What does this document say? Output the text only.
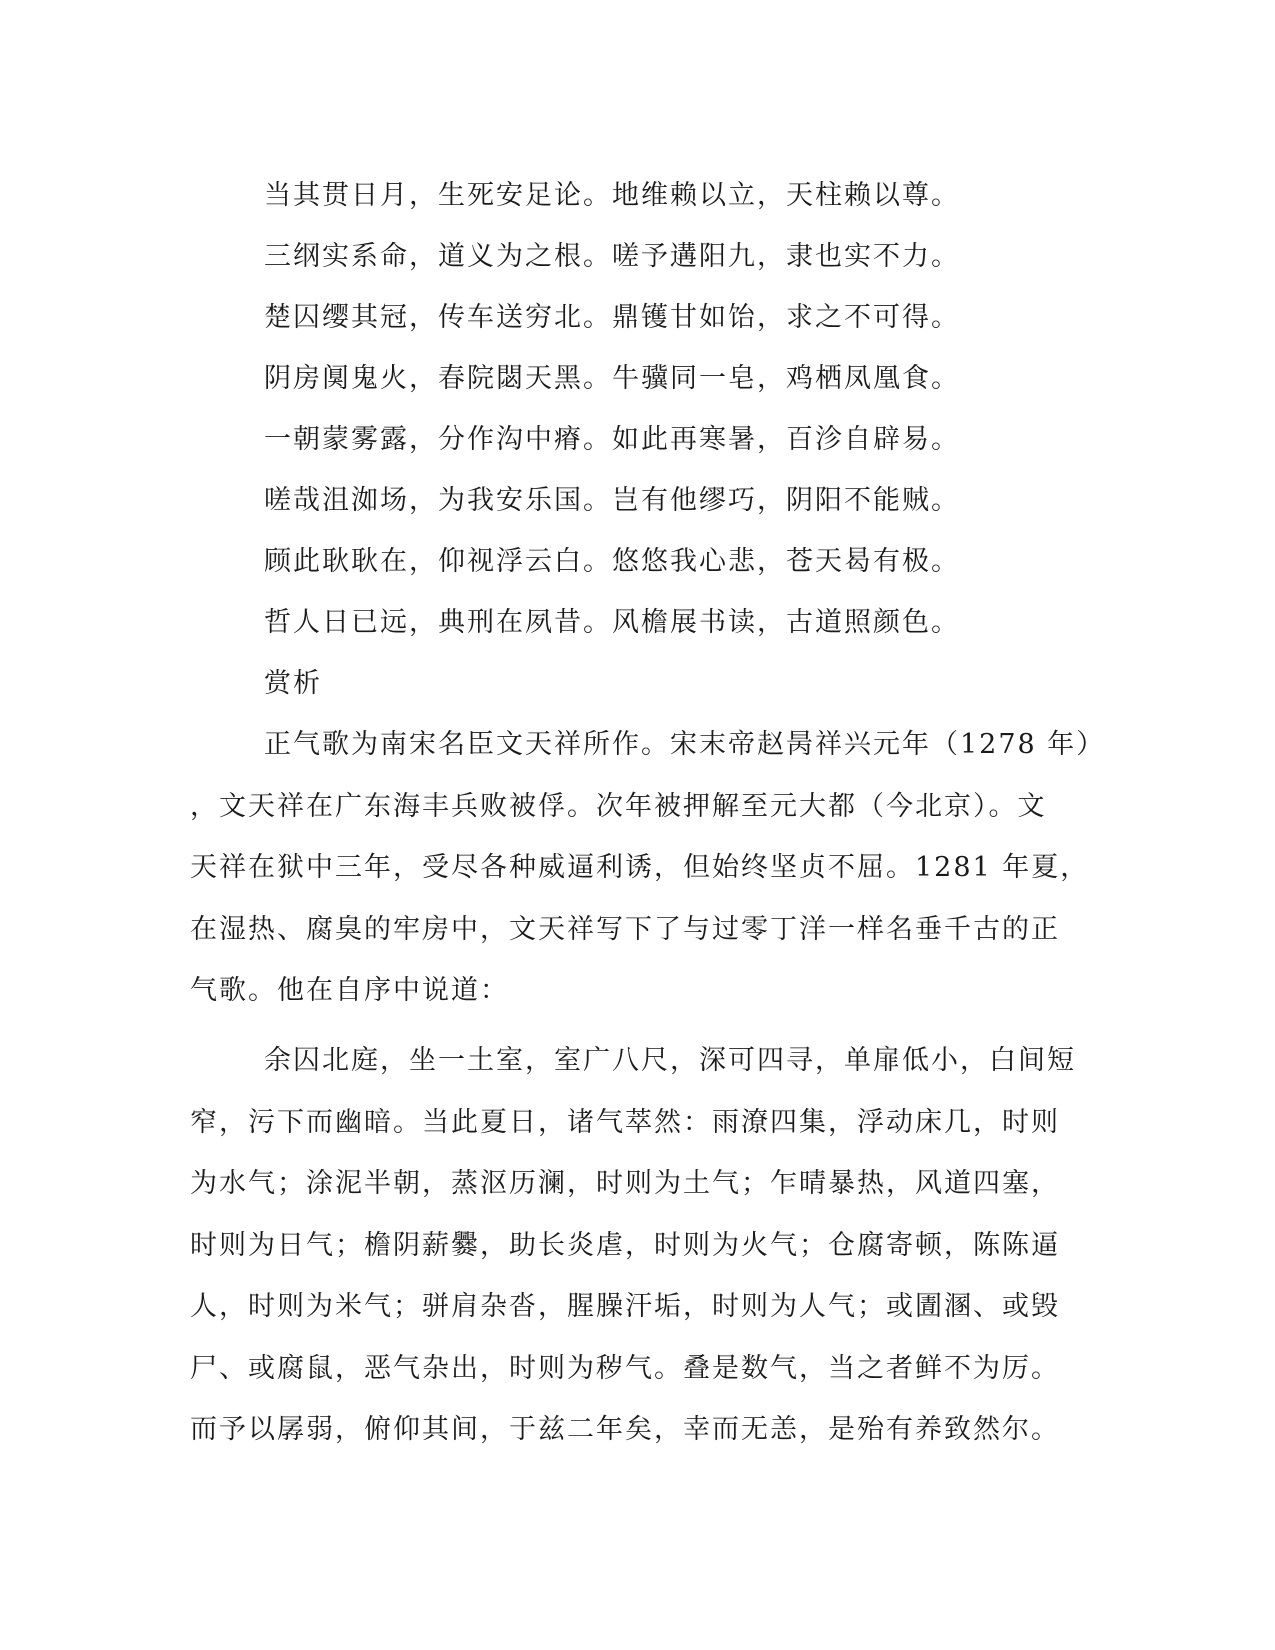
当其贯日月，生死安足论。地维赖以立，天柱赖以尊。
三纲实系命，道义为之根。嗟予遘阳九，隶也实不力。
楚囚缨其冠，传车送穷北。鼎镬甘如饴，求之不可得。
阴房阒鬼火，春院閟天黑。牛骥同一皂，鸡栖凤凰食。
一朝蒙雾露，分作沟中瘠。如此再寒暑，百沴自辟易。
嗟哉沮洳场，为我安乐国。岂有他缪巧，阴阳不能贼。
顾此耿耿在，仰视浮云白。悠悠我心悲，苍天曷有极。
哲人日已远，典刑在夙昔。风檐展书读，古道照颜色。
赏析
正气歌为南宋名臣文天祥所作。宋末帝赵昺祥兴元年（1278 年）
，文天祥在广东海丰兵败被俘。次年被押解至元大都（今北京）。文
天祥在狱中三年，受尽各种威逼利诱，但始终坚贞不屈。1281 年夏，
在湿热、腐臭的牢房中，文天祥写下了与过零丁洋一样名垂千古的正
气歌。他在自序中说道：
余囚北庭，坐一土室，室广八尺，深可四寻，单扉低小，白间短
窄，污下而幽暗。当此夏日，诸气萃然：雨潦四集，浮动床几，时则
为水气；涂泥半朝，蒸沤历澜，时则为土气；乍晴暴热，风道四塞，
时则为日气；檐阴薪爨，助长炎虐，时则为火气；仓腐寄顿，陈陈逼
人，时则为米气；骈肩杂沓，腥臊汗垢，时则为人气；或圊溷、或毁
尸、或腐鼠，恶气杂出，时则为秽气。叠是数气，当之者鲜不为厉。
而予以孱弱，俯仰其间，于兹二年矣，幸而无恙，是殆有养致然尔。
